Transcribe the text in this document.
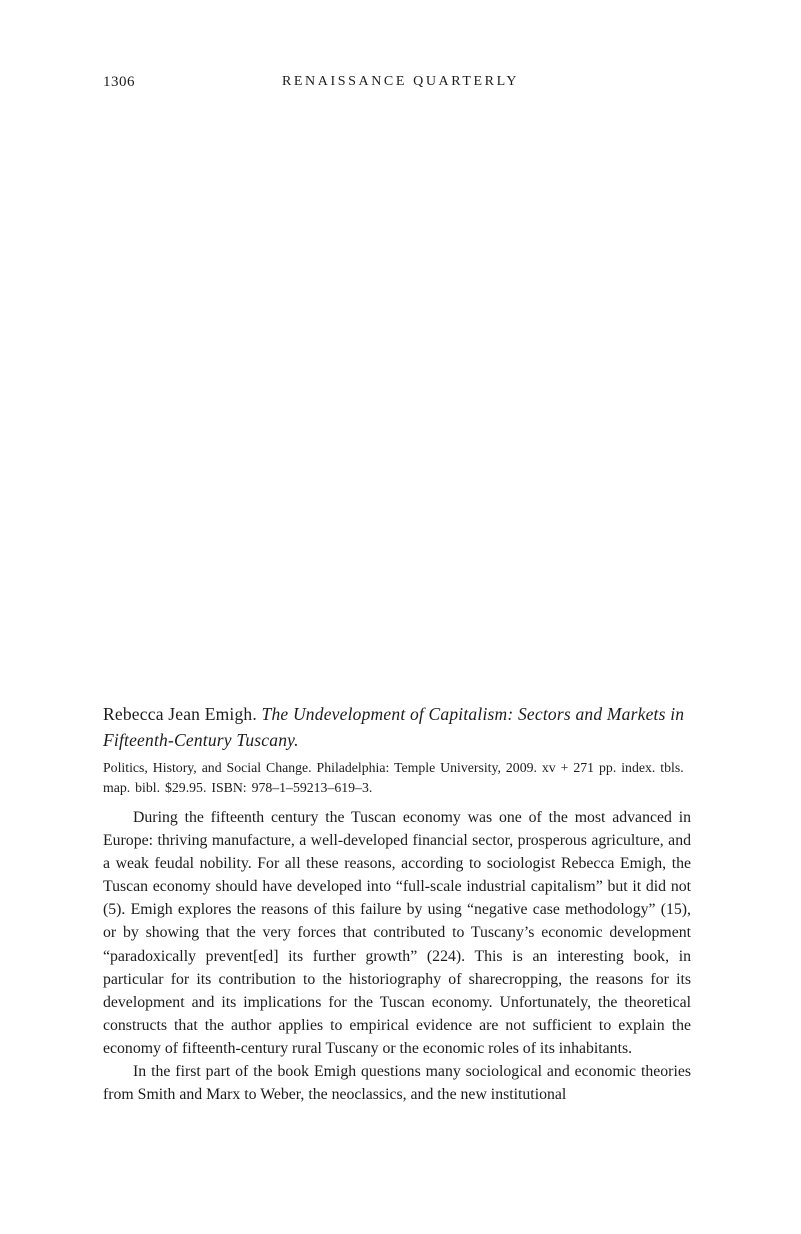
1306	RENAISSANCE QUARTERLY
Rebecca Jean Emigh. The Undevelopment of Capitalism: Sectors and Markets in Fifteenth-Century Tuscany.

Politics, History, and Social Change. Philadelphia: Temple University, 2009. xv + 271 pp. index. tbls. map. bibl. $29.95. ISBN: 978–1–59213–619–3.

During the fifteenth century the Tuscan economy was one of the most advanced in Europe: thriving manufacture, a well-developed financial sector, prosperous agriculture, and a weak feudal nobility. For all these reasons, according to sociologist Rebecca Emigh, the Tuscan economy should have developed into “full-scale industrial capitalism” but it did not (5). Emigh explores the reasons of this failure by using “negative case methodology” (15), or by showing that the very forces that contributed to Tuscany’s economic development “paradoxically prevent[ed] its further growth” (224). This is an interesting book, in particular for its contribution to the historiography of sharecropping, the reasons for its development and its implications for the Tuscan economy. Unfortunately, the theoretical constructs that the author applies to empirical evidence are not sufficient to explain the economy of fifteenth-century rural Tuscany or the economic roles of its inhabitants.

In the first part of the book Emigh questions many sociological and economic theories from Smith and Marx to Weber, the neoclassics, and the new institutional
